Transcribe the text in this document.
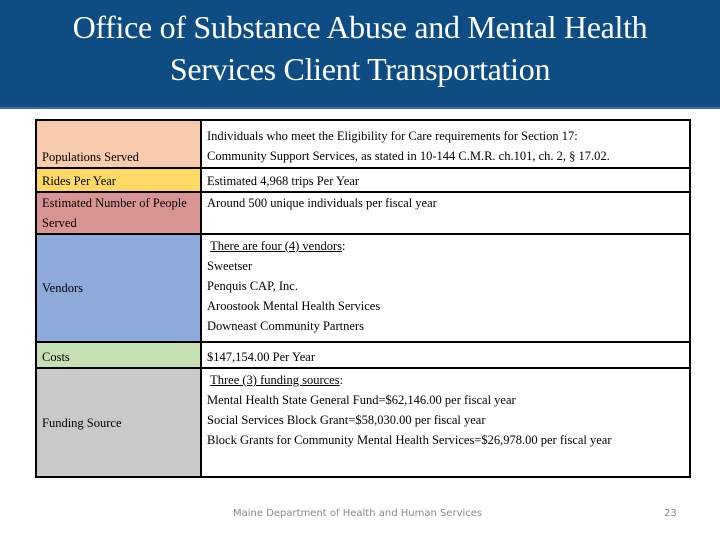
Office of Substance Abuse and Mental Health
Services Client Transportation
Populations Served	Individuals who meet the Eligibility for Care requirements for Section 17:
Community Support Services, as stated in 10-144 C.M.R. ch.101, ch. 2, § 17.02.

Rides Per Year	Estimated 4,968 trips Per Year
Estimated Number of People Served	Around 500 unique individuals per fiscal year
Vendors	There are four (4) vendors:
Sweetser
Penquis CAP, Inc.
Aroostook Mental Health Services
Downeast Community Partners

Costs	$147,154.00 Per Year
Funding Source	Three (3) funding sources:
Mental Health State General Fund=$62,146.00 per fiscal year
Social Services Block Grant=$58,030.00 per fiscal year
Block Grants for Community Mental Health Services=$26,978.00 per fiscal year
Maine Department of Health and Human Services	23
